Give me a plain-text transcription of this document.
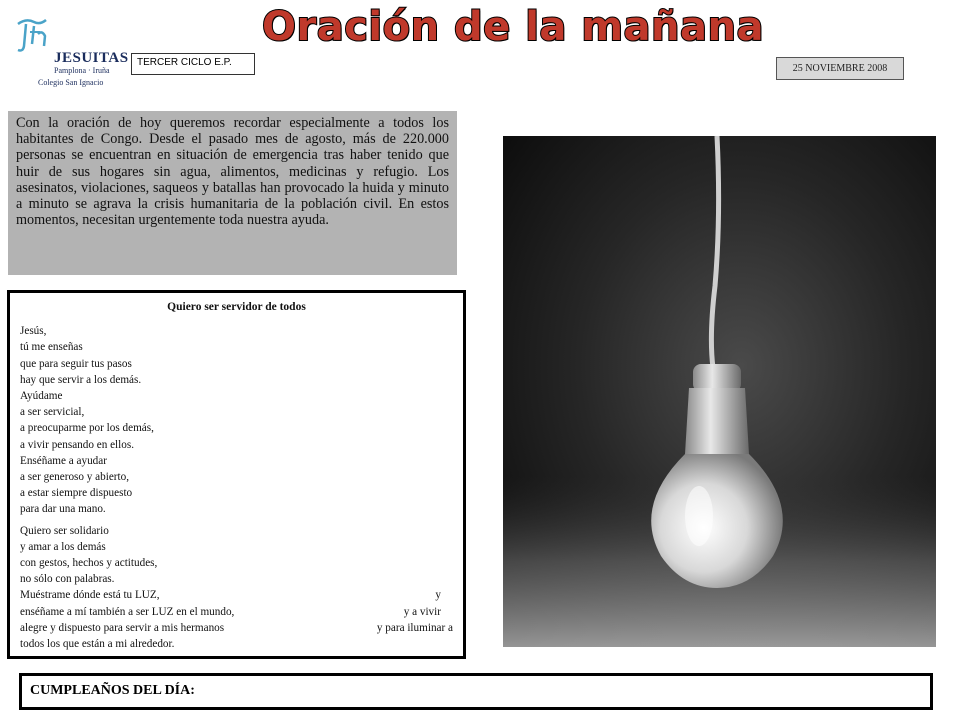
JESUITAS
Pamplona · Iruña
Colegio San Ignacio
TERCER CICLO E.P.
Oración de la mañana
25 NOVIEMBRE 2008
Con la oración de hoy queremos recordar especialmente a todos los habitantes de Congo. Desde el pasado mes de agosto, más de 220.000 personas se encuentran en situación de emergencia tras haber tenido que huir de sus hogares sin agua, alimentos, medicinas y refugio. Los asesinatos, violaciones, saqueos y batallas han provocado la huida y minuto a minuto se agrava la crisis humanitaria de la población civil. En estos momentos, necesitan urgentemente toda nuestra ayuda.
Quiero ser servidor de todos
Jesús,
tú me enseñas
que para seguir tus pasos
hay que servir a los demás.
Ayúdame
a ser servicial,
a preocuparme por los demás,
a vivir pensando en ellos.
Enséñame a ayudar
a ser generoso y abierto,
a estar siempre dispuesto
para dar una mano.
Quiero ser solidario
y amar a los demás
con gestos, hechos y actitudes,
no sólo con palabras.
Muéstrame dónde está tu LUZ,	y
enséñame a mí también a ser LUZ en el mundo,	y a vivir
alegre y dispuesto para servir a mis hermanos	y para iluminar a
todos los que están a mi alrededor.
CUMPLEAÑOS DEL DÍA:
